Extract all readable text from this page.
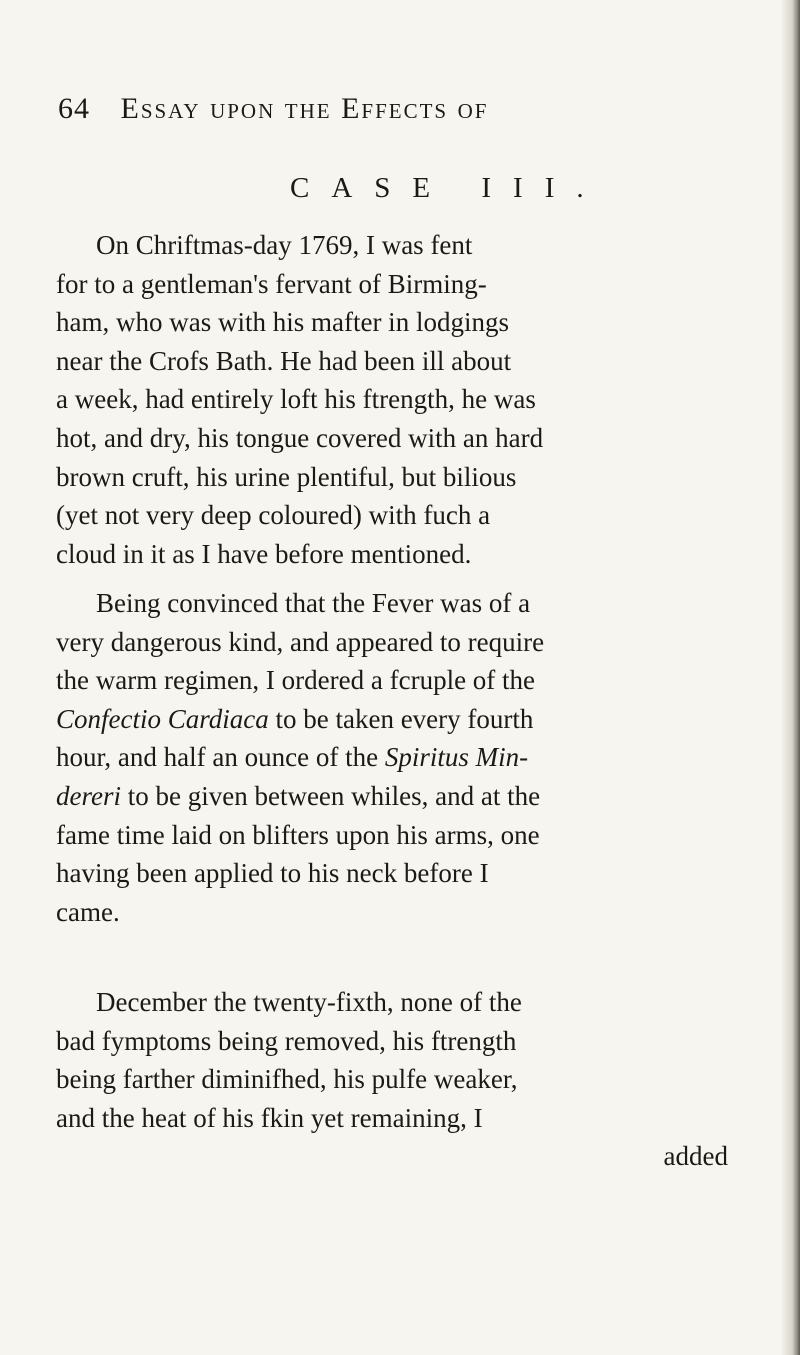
64 Essay upon the Effects of
CASE III.
On Chriftmas-day 1769, I was fent
for to a gentleman's fervant of Birming-
ham, who was with his mafter in lodgings
near the Crofs Bath. He had been ill about
a week, had entirely loft his ftrength, he was
hot, and dry, his tongue covered with an hard
brown cruft, his urine plentiful, but bilious
(yet not very deep coloured) with fuch a
cloud in it as I have before mentioned.
Being convinced that the Fever was of a
very dangerous kind, and appeared to require
the warm regimen, I ordered a fcruple of the
Confectio Cardiaca to be taken every fourth
hour, and half an ounce of the Spiritus Min-
dereri to be given between whiles, and at the
fame time laid on blifters upon his arms, one
having been applied to his neck before I
came.
December the twenty-fixth, none of the
bad fymptoms being removed, his ftrength
being farther diminifhed, his pulfe weaker,
and the heat of his fkin yet remaining, I
added
